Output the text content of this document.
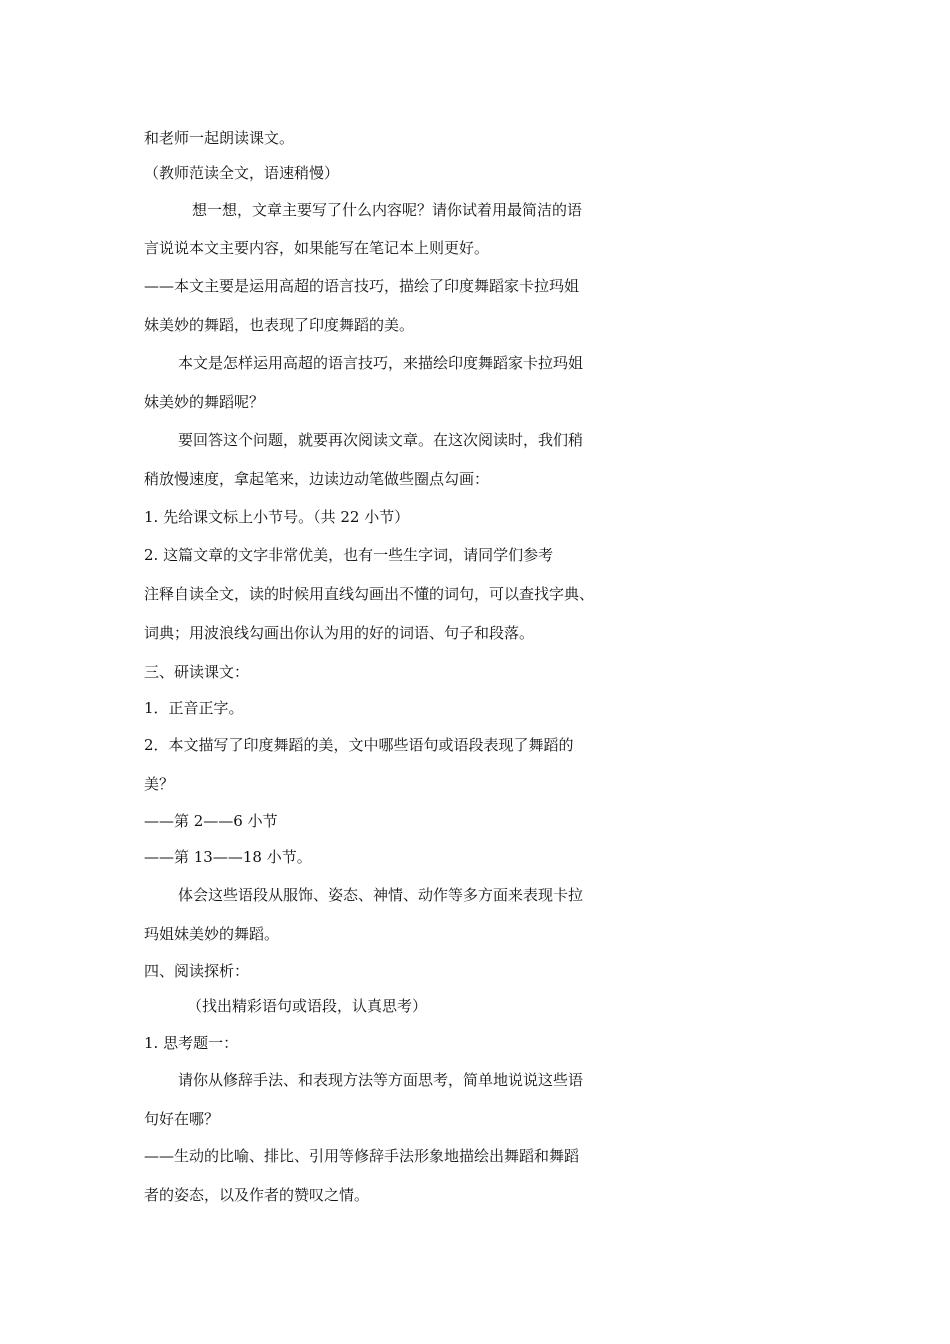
和老师一起朗读课文。
（教师范读全文，语速稍慢）
想一想，文章主要写了什么内容呢？请你试着用最简洁的语
言说说本文主要内容，如果能写在笔记本上则更好。
——本文主要是运用高超的语言技巧，描绘了印度舞蹈家卡拉玛姐
妹美妙的舞蹈，也表现了印度舞蹈的美。
本文是怎样运用高超的语言技巧，来描绘印度舞蹈家卡拉玛姐
妹美妙的舞蹈呢？
要回答这个问题，就要再次阅读文章。在这次阅读时，我们稍
稍放慢速度，拿起笔来，边读边动笔做些圈点勾画：
1. 先给课文标上小节号。（共 22 小节）
2. 这篇文章的文字非常优美，也有一些生字词，请同学们参考
注释自读全文，读的时候用直线勾画出不懂的词句，可以查找字典、
词典；用波浪线勾画出你认为用的好的词语、句子和段落。
三、研读课文：
1．正音正字。
2．本文描写了印度舞蹈的美，文中哪些语句或语段表现了舞蹈的
美？
——第 2——6 小节
——第 13——18 小节。
体会这些语段从服饰、姿态、神情、动作等多方面来表现卡拉
玛姐妹美妙的舞蹈。
四、阅读探析：
（找出精彩语句或语段，认真思考）
1. 思考题一：
请你从修辞手法、和表现方法等方面思考，简单地说说这些语
句好在哪？
——生动的比喻、排比、引用等修辞手法形象地描绘出舞蹈和舞蹈
者的姿态，以及作者的赞叹之情。
